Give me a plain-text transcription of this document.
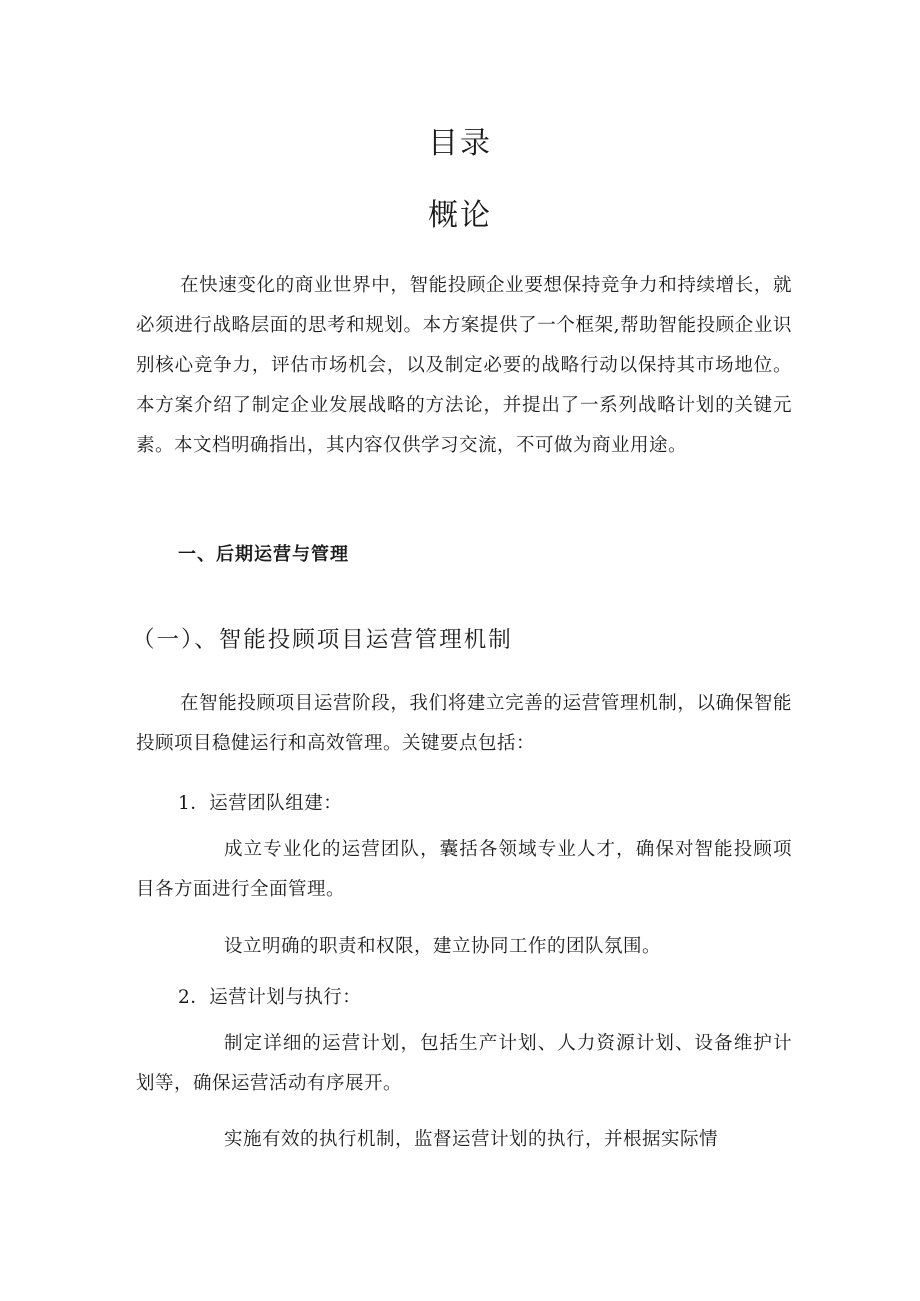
目录
概论

在快速变化的商业世界中，智能投顾企业要想保持竞争力和持续增长，就必须进行战略层面的思考和规划。本方案提供了一个框架,帮助智能投顾企业识别核心竞争力，评估市场机会，以及制定必要的战略行动以保持其市场地位。本方案介绍了制定企业发展战略的方法论，并提出了一系列战略计划的关键元素。本文档明确指出，其内容仅供学习交流，不可做为商业用途。

一、后期运营与管理
（一）、智能投顾项目运营管理机制

在智能投顾项目运营阶段，我们将建立完善的运营管理机制，以确保智能投顾项目稳健运行和高效管理。关键要点包括：

1．运营团队组建：

成立专业化的运营团队，囊括各领域专业人才，确保对智能投顾项目各方面进行全面管理。

设立明确的职责和权限，建立协同工作的团队氛围。

2．运营计划与执行：

制定详细的运营计划，包括生产计划、人力资源计划、设备维护计划等，确保运营活动有序展开。

实施有效的执行机制，监督运营计划的执行，并根据实际情
